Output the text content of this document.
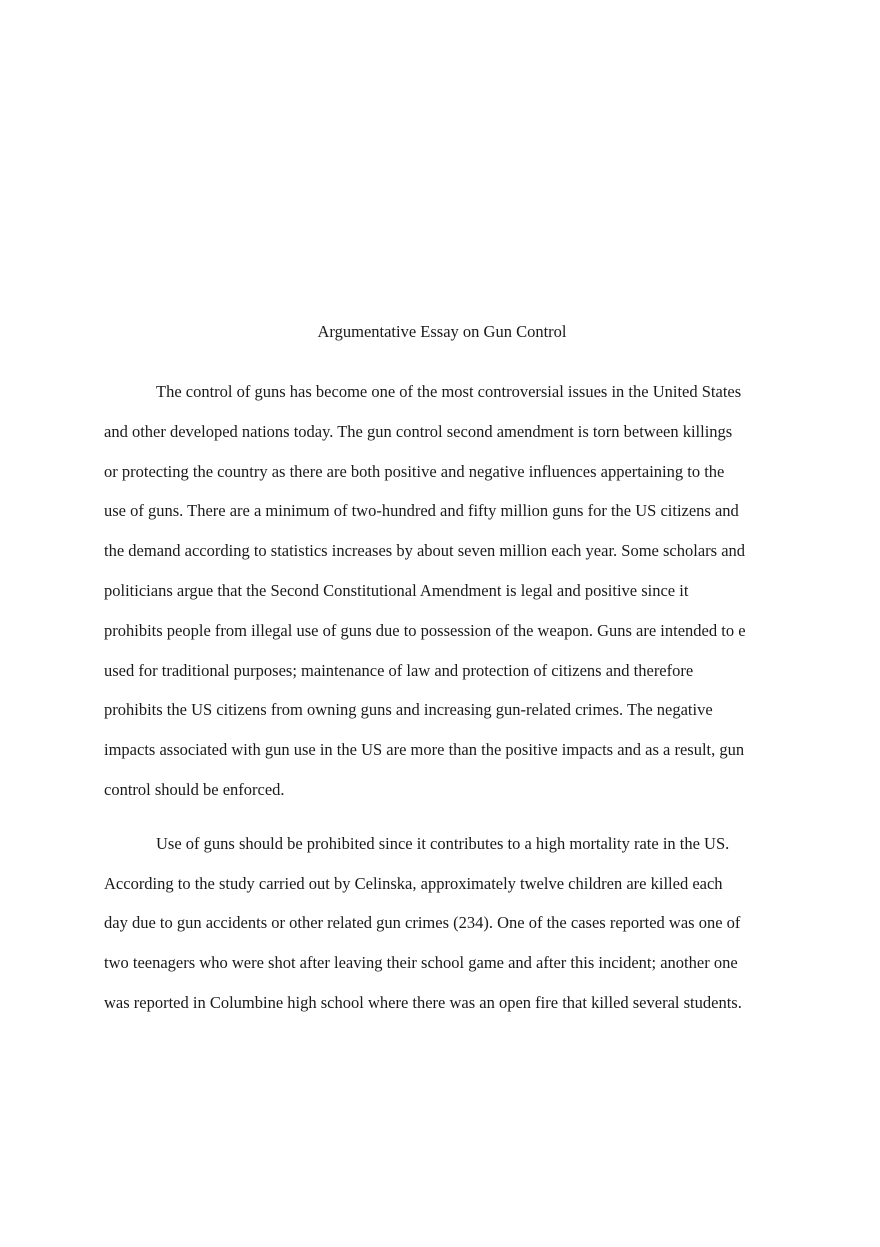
Argumentative Essay on Gun Control

The control of guns has become one of the most controversial issues in the United States
and other developed nations today. The gun control second amendment is torn between killings
or protecting the country as there are both positive and negative influences appertaining to the
use of guns. There are a minimum of two-hundred and fifty million guns for the US citizens and
the demand according to statistics increases by about seven million each year. Some scholars and
politicians argue that the Second Constitutional Amendment is legal and positive since it
prohibits people from illegal use of guns due to possession of the weapon. Guns are intended to e
used for traditional purposes; maintenance of law and protection of citizens and therefore
prohibits the US citizens from owning guns and increasing gun-related crimes. The negative
impacts associated with gun use in the US are more than the positive impacts and as a result, gun
control should be enforced.

Use of guns should be prohibited since it contributes to a high mortality rate in the US.
According to the study carried out by Celinska, approximately twelve children are killed each
day due to gun accidents or other related gun crimes (234). One of the cases reported was one of
two teenagers who were shot after leaving their school game and after this incident; another one
was reported in Columbine high school where there was an open fire that killed several students.
